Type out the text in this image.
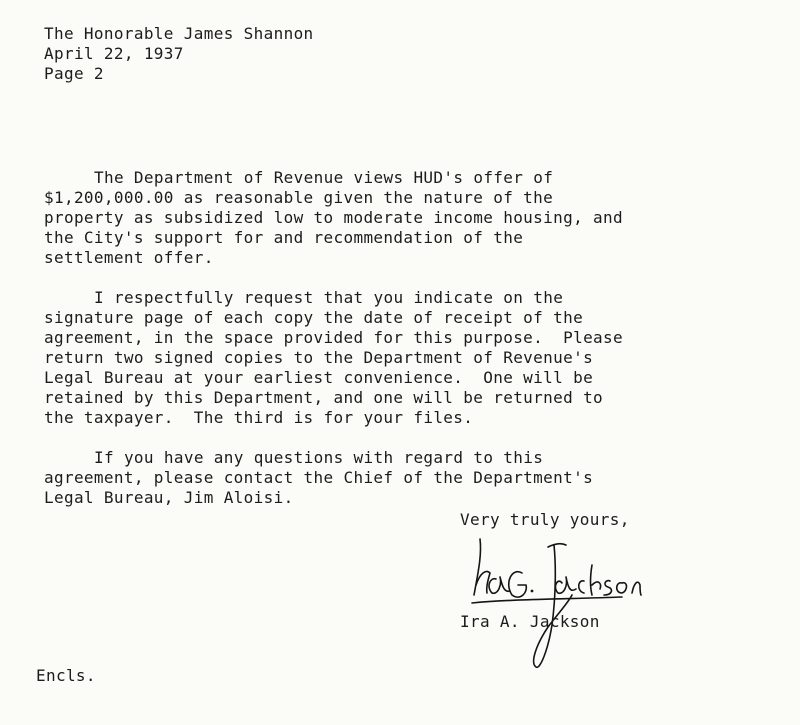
The Honorable James Shannon
April 22, 1937
Page 2
The Department of Revenue views HUD's offer of
$1,200,000.00 as reasonable given the nature of the
property as subsidized low to moderate income housing, and
the City's support for and recommendation of the
settlement offer.
I respectfully request that you indicate on the
signature page of each copy the date of receipt of the
agreement, in the space provided for this purpose.  Please
return two signed copies to the Department of Revenue's
Legal Bureau at your earliest convenience.  One will be
retained by this Department, and one will be returned to
the taxpayer.  The third is for your files.
If you have any questions with regard to this
agreement, please contact the Chief of the Department's
Legal Bureau, Jim Aloisi.
Very truly yours,
Ira A. Jackson
Encls.
